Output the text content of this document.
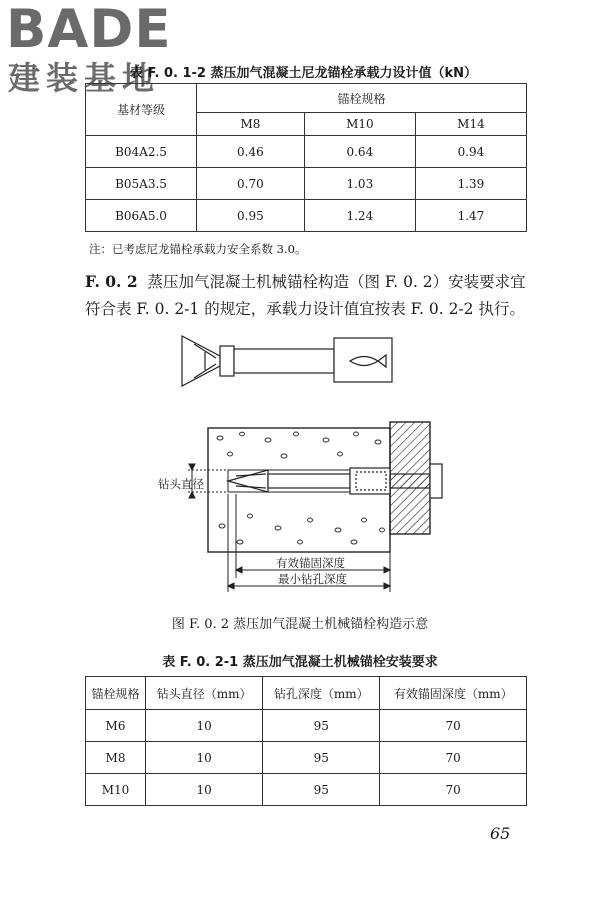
BADE
建装基地
表 F. 0. 1-2 蒸压加气混凝土尼龙锚栓承载力设计值（kN）
基材等级	锚栓规格		
	M8	M10	M14
B04A2.5	0.46	0.64	0.94
B05A3.5	0.70	1.03	1.39
B06A5.0	0.95	1.24	1.47
注：已考虑尼龙锚栓承载力安全系数 3.0。
F. 0. 2 蒸压加气混凝土机械锚栓构造（图 F. 0. 2）安装要求宜
符合表 F. 0. 2-1 的规定，承载力设计值宜按表 F. 0. 2-2 执行。
钻头直径
有效锚固深度
最小钻孔深度
图 F. 0. 2 蒸压加气混凝土机械锚栓构造示意
表 F. 0. 2-1 蒸压加气混凝土机械锚栓安装要求
锚栓规格	钻头直径（mm）	钻孔深度（mm）	有效锚固深度（mm）
M6	10	95	70
M8	10	95	70
M10	10	95	70
65
